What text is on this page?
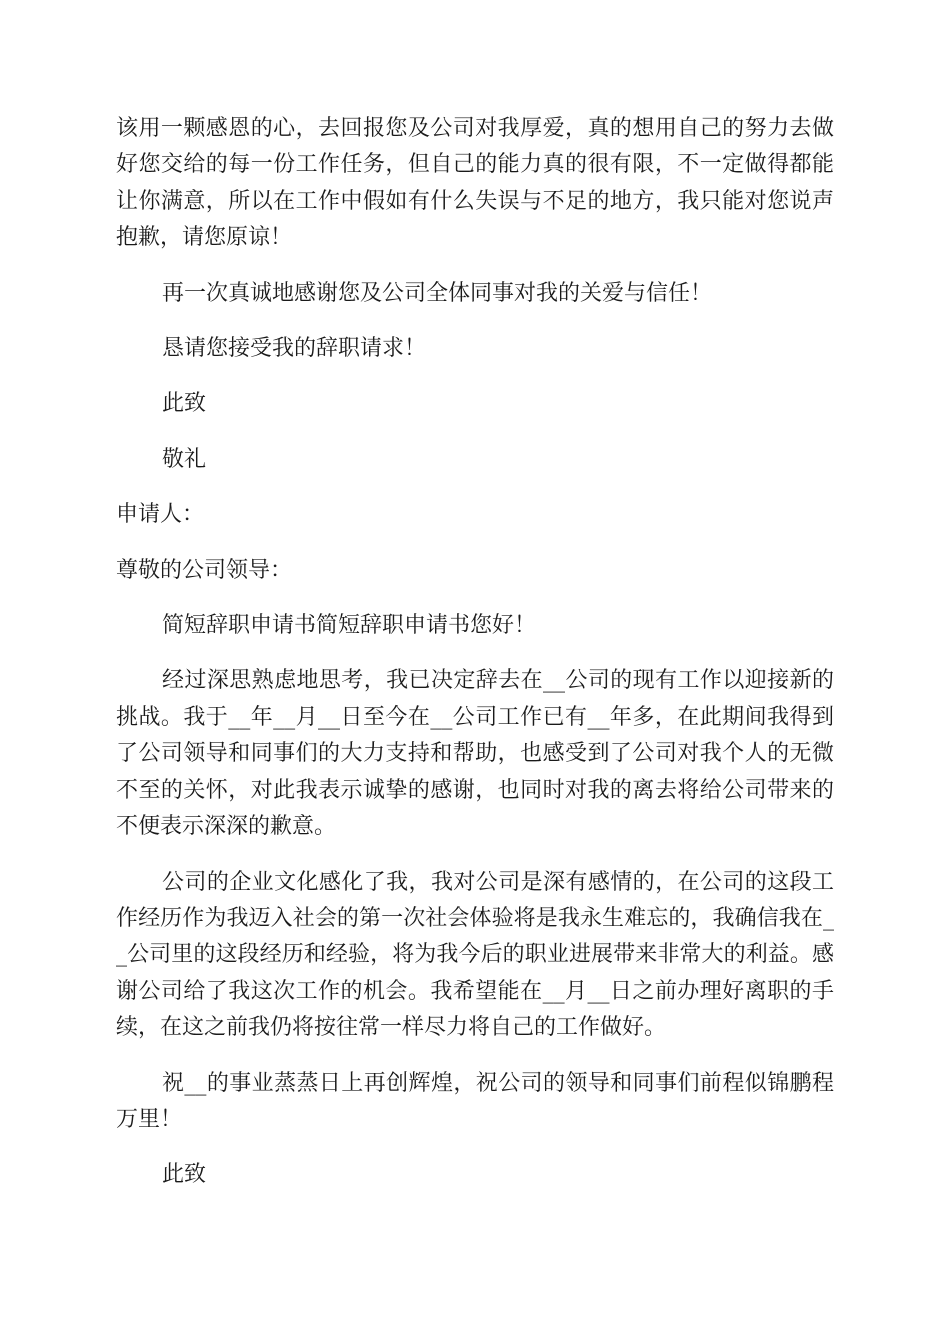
该用一颗感恩的心，去回报您及公司对我厚爱，真的想用自己的努力去做好您交给的每一份工作任务，但自己的能力真的很有限，不一定做得都能让你满意，所以在工作中假如有什么失误与不足的地方，我只能对您说声抱歉，请您原谅！

再一次真诚地感谢您及公司全体同事对我的关爱与信任！

恳请您接受我的辞职请求！

此致

敬礼

申请人：

尊敬的公司领导：

简短辞职申请书简短辞职申请书您好！

经过深思熟虑地思考，我已决定辞去在__公司的现有工作以迎接新的挑战。我于__年__月__日至今在__公司工作已有__年多，在此期间我得到了公司领导和同事们的大力支持和帮助，也感受到了公司对我个人的无微不至的关怀，对此我表示诚挚的感谢，也同时对我的离去将给公司带来的不便表示深深的歉意。

公司的企业文化感化了我，我对公司是深有感情的，在公司的这段工作经历作为我迈入社会的第一次社会体验将是我永生难忘的，我确信我在__公司里的这段经历和经验，将为我今后的职业进展带来非常大的利益。感谢公司给了我这次工作的机会。我希望能在__月__日之前办理好离职的手续，在这之前我仍将按往常一样尽力将自己的工作做好。

祝__的事业蒸蒸日上再创辉煌，祝公司的领导和同事们前程似锦鹏程万里！

此致
